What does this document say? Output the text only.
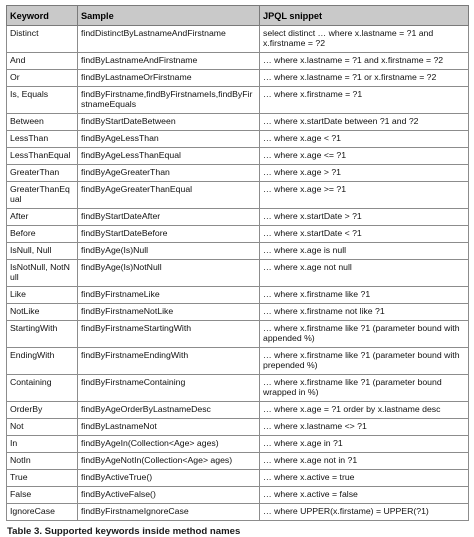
Keyword	Sample	JPQL snippet
Distinct	findDistinctByLastnameAndFirstname	select distinct … where x.lastname = ?1 and x.firstname = ?2
And	findByLastnameAndFirstname	… where x.lastname = ?1 and x.firstname = ?2
Or	findByLastnameOrFirstname	… where x.lastname = ?1 or x.firstname = ?2
Is, Equals	findByFirstname,findByFirstnameIs,findByFirstnameEquals	… where x.firstname = ?1
Between	findByStartDateBetween	… where x.startDate between ?1 and ?2
LessThan	findByAgeLessThan	… where x.age < ?1
LessThanEqual	findByAgeLessThanEqual	… where x.age <= ?1
GreaterThan	findByAgeGreaterThan	… where x.age > ?1
GreaterThanEqual	findByAgeGreaterThanEqual	… where x.age >= ?1
After	findByStartDateAfter	… where x.startDate > ?1
Before	findByStartDateBefore	… where x.startDate < ?1
IsNull, Null	findByAge(Is)Null	… where x.age is null
IsNotNull, NotNull	findByAge(Is)NotNull	… where x.age not null
Like	findByFirstnameLike	… where x.firstname like ?1
NotLike	findByFirstnameNotLike	… where x.firstname not like ?1
StartingWith	findByFirstnameStartingWith	… where x.firstname like ?1 (parameter bound with appended %)
EndingWith	findByFirstnameEndingWith	… where x.firstname like ?1 (parameter bound with prepended %)
Containing	findByFirstnameContaining	… where x.firstname like ?1 (parameter bound wrapped in %)
OrderBy	findByAgeOrderByLastnameDesc	… where x.age = ?1 order by x.lastname desc
Not	findByLastnameNot	… where x.lastname <> ?1
In	findByAgeIn(Collection<Age> ages)	… where x.age in ?1
NotIn	findByAgeNotIn(Collection<Age> ages)	… where x.age not in ?1
True	findByActiveTrue()	… where x.active = true
False	findByActiveFalse()	… where x.active = false
IgnoreCase	findByFirstnameIgnoreCase	… where UPPER(x.firstame) = UPPER(?1)
Table 3. Supported keywords inside method names
